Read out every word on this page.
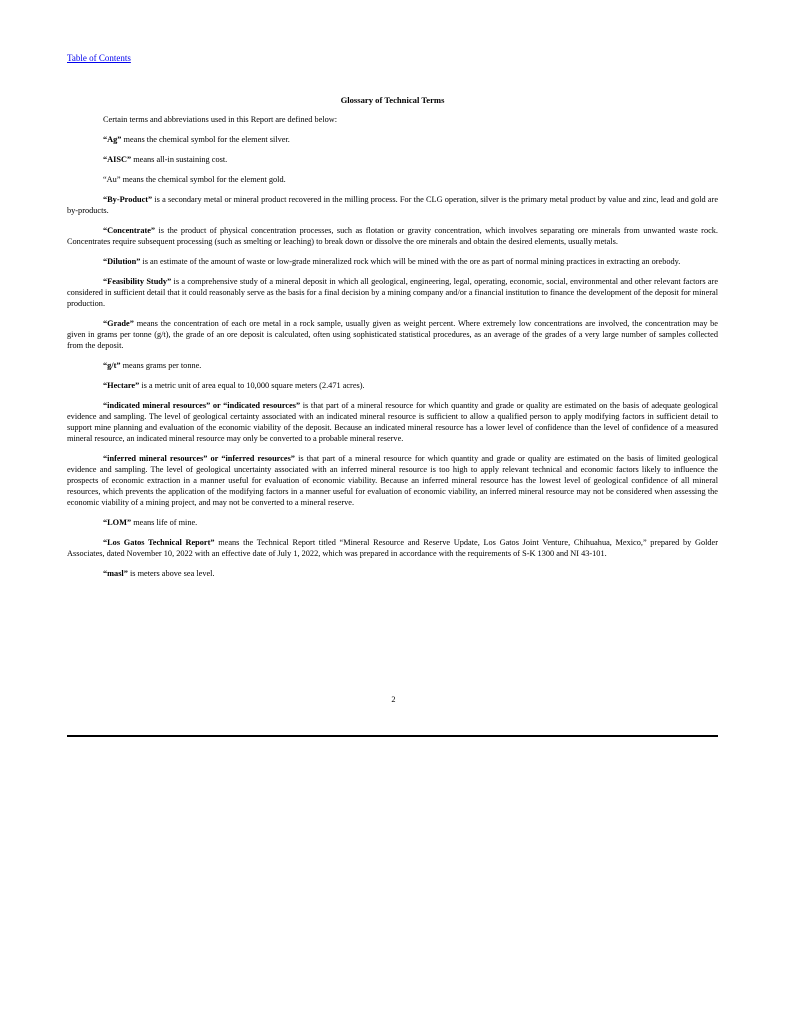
Table of Contents
Glossary of Technical Terms

Certain terms and abbreviations used in this Report are defined below:

“Ag” means the chemical symbol for the element silver.

“AISC” means all-in sustaining cost.

“Au” means the chemical symbol for the element gold.

“By-Product” is a secondary metal or mineral product recovered in the milling process. For the CLG operation, silver is the primary metal product by value and zinc, lead and gold are by-products.

“Concentrate” is the product of physical concentration processes, such as flotation or gravity concentration, which involves separating ore minerals from unwanted waste rock. Concentrates require subsequent processing (such as smelting or leaching) to break down or dissolve the ore minerals and obtain the desired elements, usually metals.

“Dilution” is an estimate of the amount of waste or low-grade mineralized rock which will be mined with the ore as part of normal mining practices in extracting an orebody.

“Feasibility Study” is a comprehensive study of a mineral deposit in which all geological, engineering, legal, operating, economic, social, environmental and other relevant factors are considered in sufficient detail that it could reasonably serve as the basis for a final decision by a mining company and/or a financial institution to finance the development of the deposit for mineral production.

“Grade” means the concentration of each ore metal in a rock sample, usually given as weight percent. Where extremely low concentrations are involved, the concentration may be given in grams per tonne (g/t), the grade of an ore deposit is calculated, often using sophisticated statistical procedures, as an average of the grades of a very large number of samples collected from the deposit.

“g/t” means grams per tonne.

“Hectare” is a metric unit of area equal to 10,000 square meters (2.471 acres).

“indicated mineral resources” or “indicated resources” is that part of a mineral resource for which quantity and grade or quality are estimated on the basis of adequate geological evidence and sampling. The level of geological certainty associated with an indicated mineral resource is sufficient to allow a qualified person to apply modifying factors in sufficient detail to support mine planning and evaluation of the economic viability of the deposit. Because an indicated mineral resource has a lower level of confidence than the level of confidence of a measured mineral resource, an indicated mineral resource may only be converted to a probable mineral reserve.

“inferred mineral resources” or “inferred resources” is that part of a mineral resource for which quantity and grade or quality are estimated on the basis of limited geological evidence and sampling. The level of geological uncertainty associated with an inferred mineral resource is too high to apply relevant technical and economic factors likely to influence the prospects of economic extraction in a manner useful for evaluation of economic viability. Because an inferred mineral resource has the lowest level of geological confidence of all mineral resources, which prevents the application of the modifying factors in a manner useful for evaluation of economic viability, an inferred mineral resource may not be considered when assessing the economic viability of a mining project, and may not be converted to a mineral reserve.

“LOM” means life of mine.

“Los Gatos Technical Report” means the Technical Report titled “Mineral Resource and Reserve Update, Los Gatos Joint Venture, Chihuahua, Mexico,” prepared by Golder Associates, dated November 10, 2022 with an effective date of July 1, 2022, which was prepared in accordance with the requirements of S-K 1300 and NI 43-101.

“masl” is meters above sea level.

2
